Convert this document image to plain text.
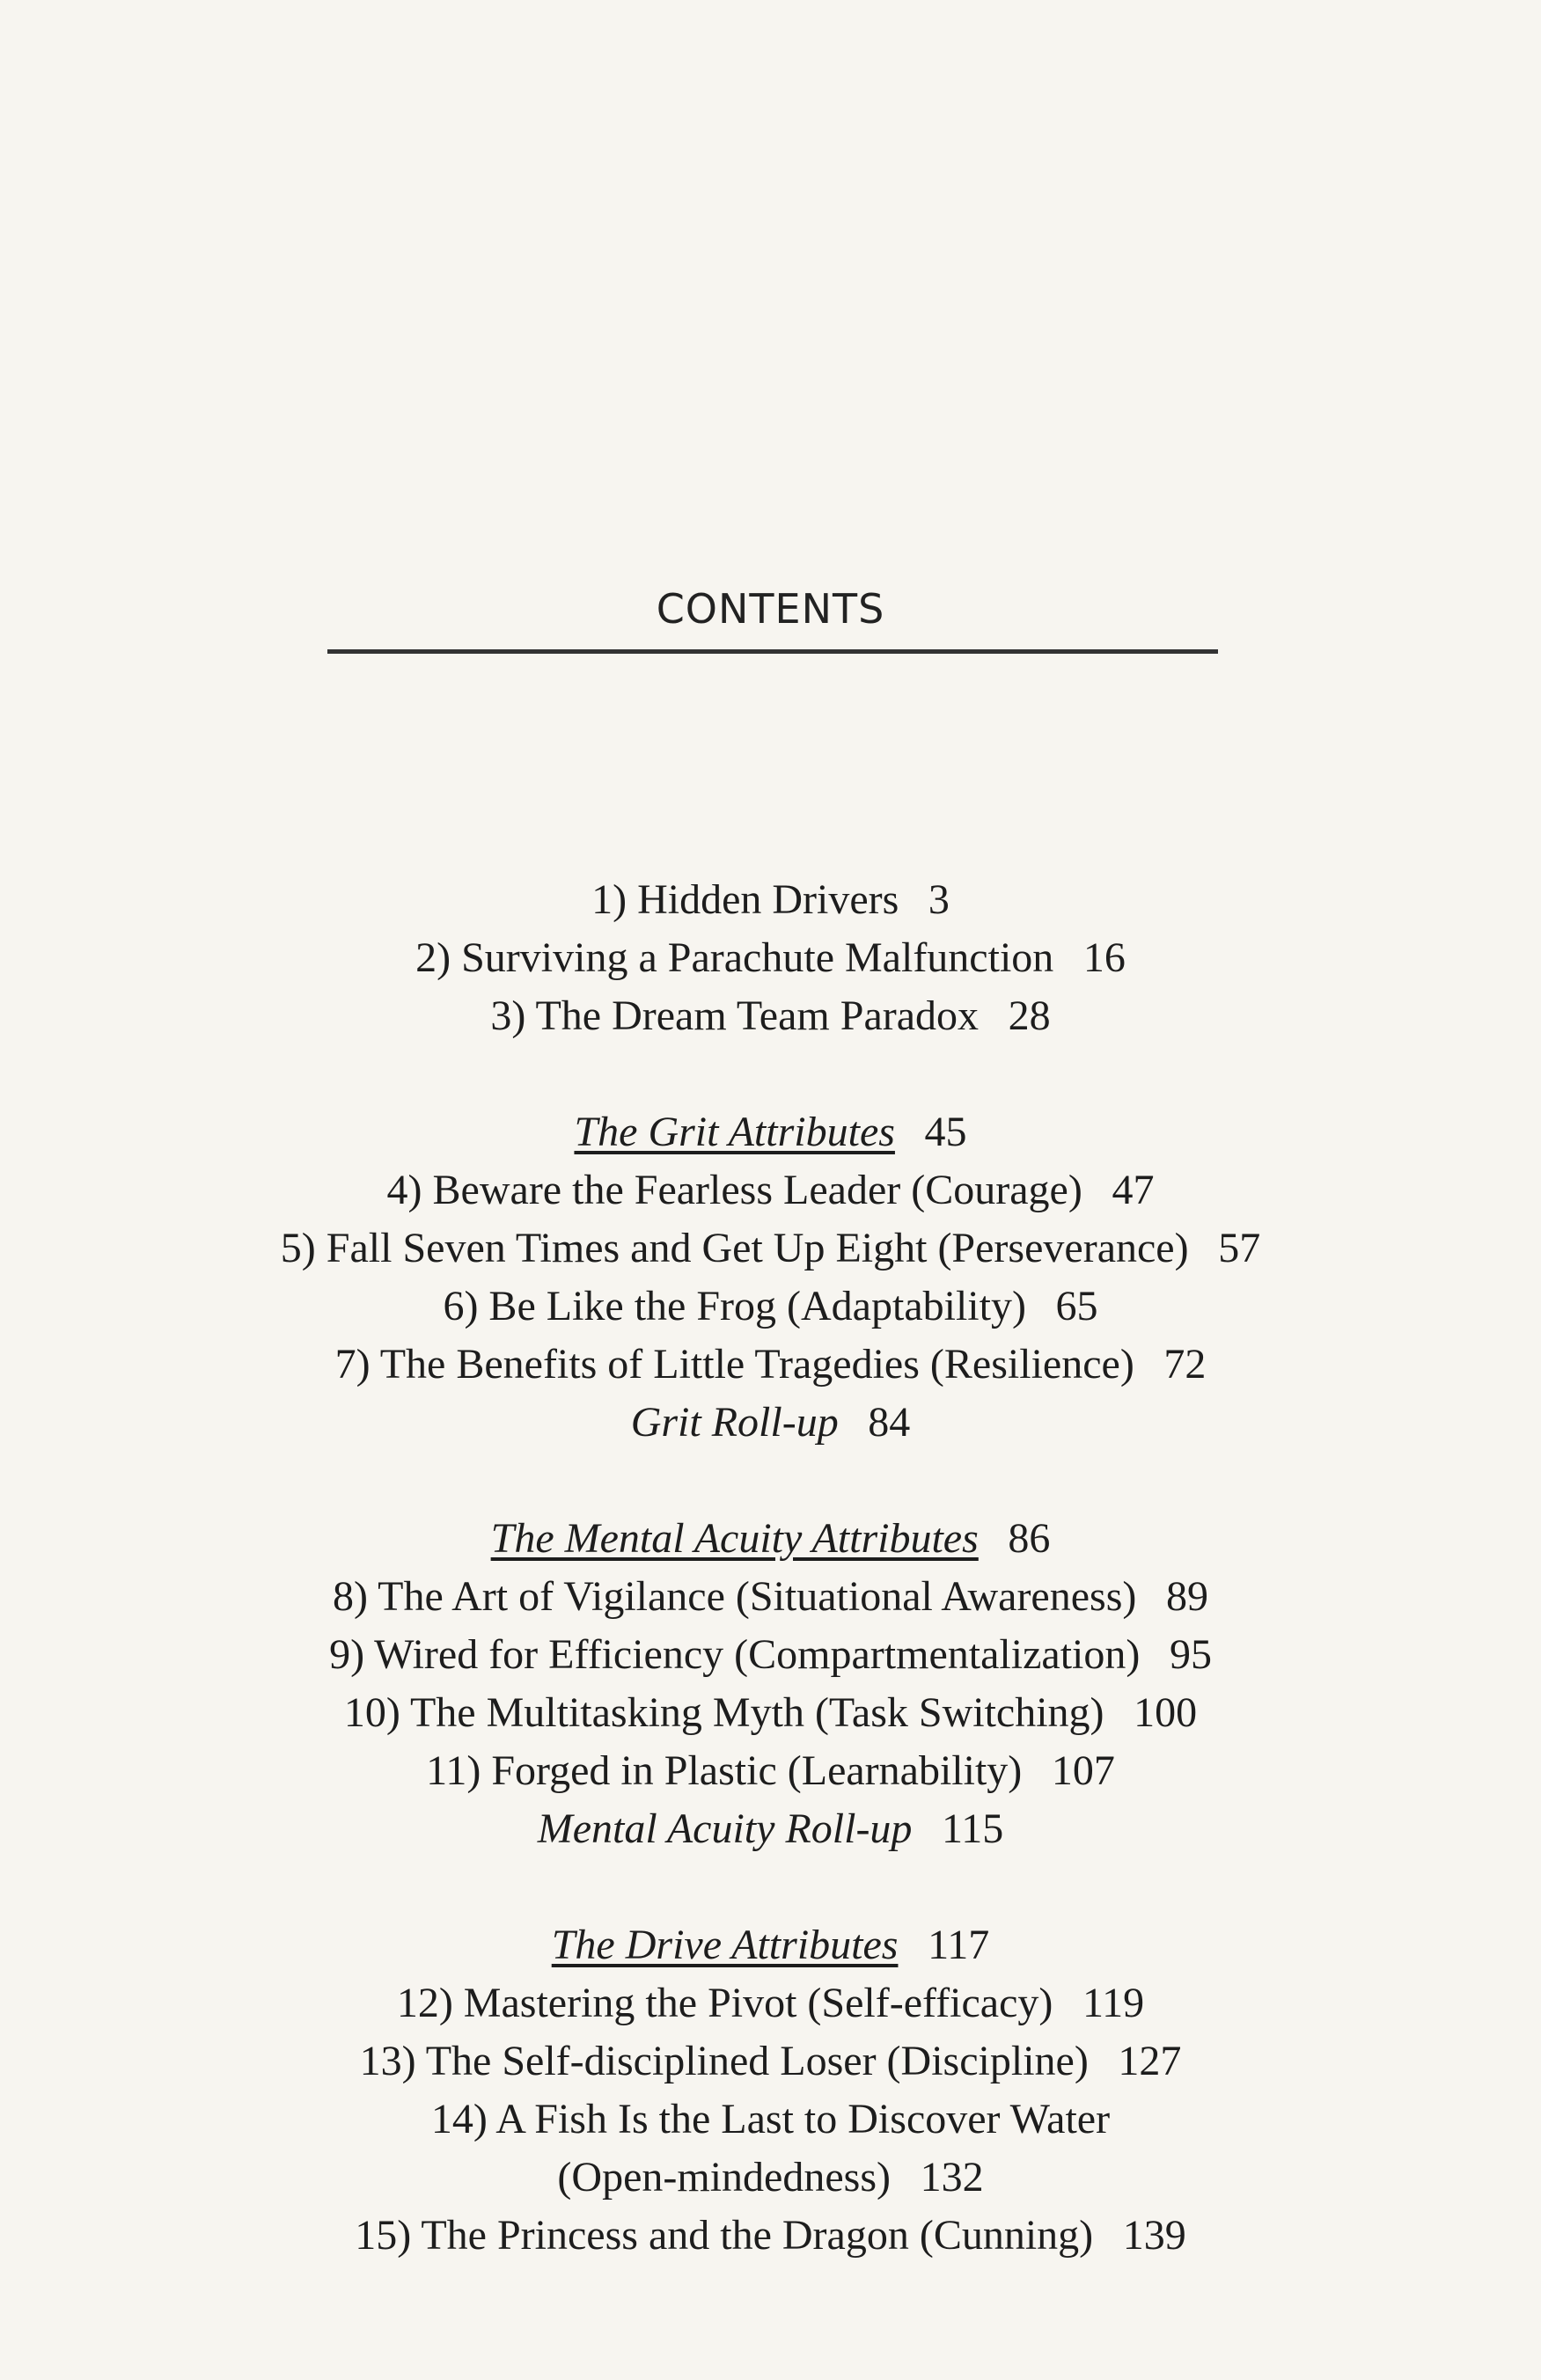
CONTENTS
1) Hidden Drivers 3
2) Surviving a Parachute Malfunction 16
3) The Dream Team Paradox 28
The Grit Attributes 45
4) Beware the Fearless Leader (Courage) 47
5) Fall Seven Times and Get Up Eight (Perseverance) 57
6) Be Like the Frog (Adaptability) 65
7) The Benefits of Little Tragedies (Resilience) 72
Grit Roll-up 84
The Mental Acuity Attributes 86
8) The Art of Vigilance (Situational Awareness) 89
9) Wired for Efficiency (Compartmentalization) 95
10) The Multitasking Myth (Task Switching) 100
11) Forged in Plastic (Learnability) 107
Mental Acuity Roll-up 115
The Drive Attributes 117
12) Mastering the Pivot (Self-efficacy) 119
13) The Self-disciplined Loser (Discipline) 127
14) A Fish Is the Last to Discover Water
(Open-mindedness) 132
15) The Princess and the Dragon (Cunning) 139
